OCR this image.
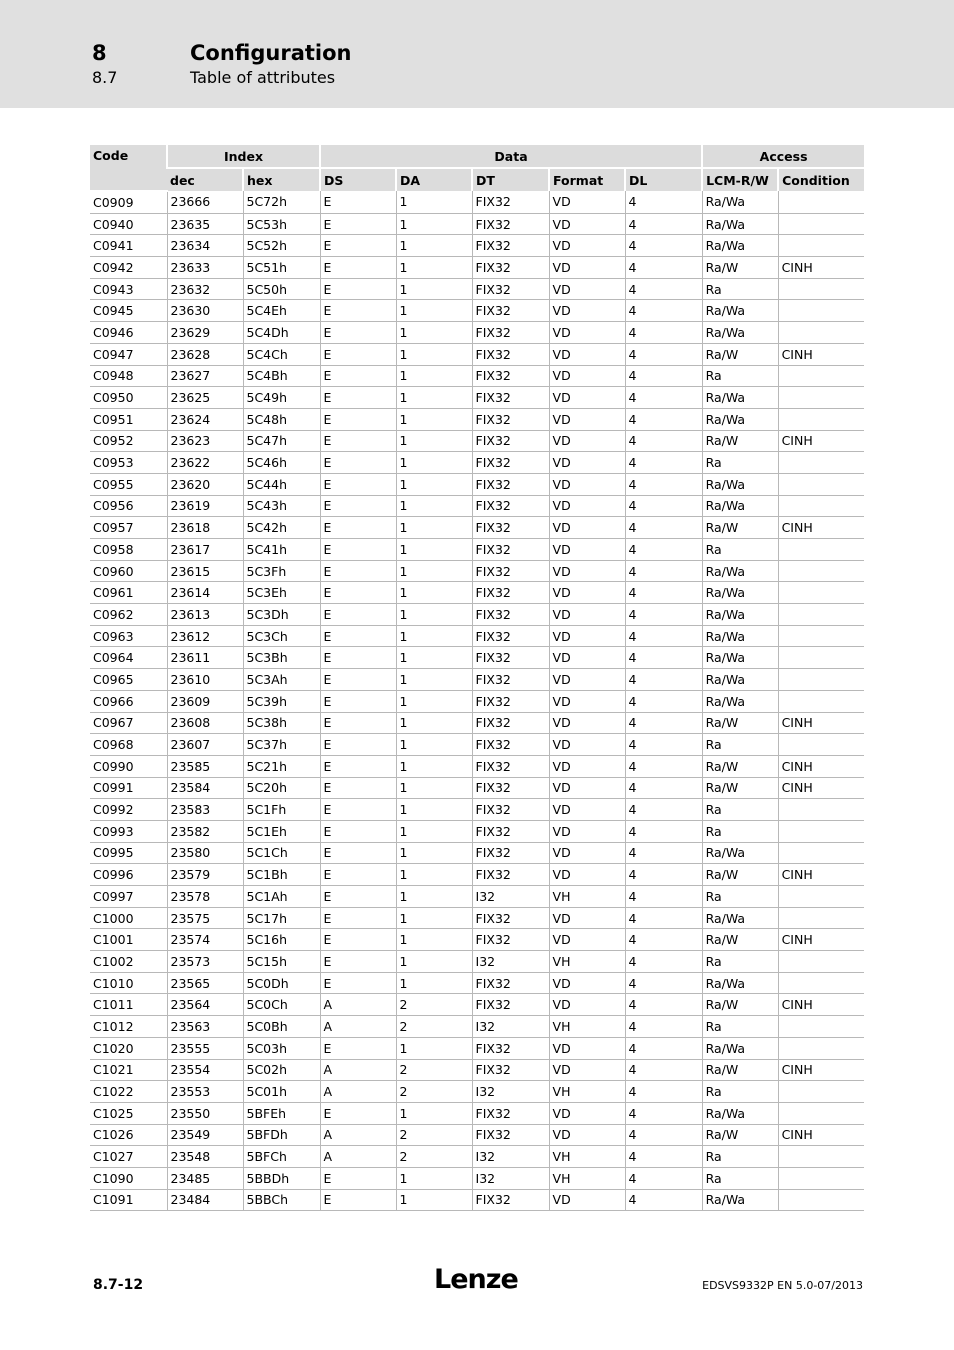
8	Configuration
8.7	Table of attributes
Code	Index		Data					Access	
	dec	hex	DS	DA	DT	Format	DL	LCM-R/W	Condition
C0909	23666	5C72h	E	1	FIX32	VD	4	Ra/Wa	
C0940	23635	5C53h	E	1	FIX32	VD	4	Ra/Wa	
C0941	23634	5C52h	E	1	FIX32	VD	4	Ra/Wa	
C0942	23633	5C51h	E	1	FIX32	VD	4	Ra/W	CINH
C0943	23632	5C50h	E	1	FIX32	VD	4	Ra	
C0945	23630	5C4Eh	E	1	FIX32	VD	4	Ra/Wa	
C0946	23629	5C4Dh	E	1	FIX32	VD	4	Ra/Wa	
C0947	23628	5C4Ch	E	1	FIX32	VD	4	Ra/W	CINH
C0948	23627	5C4Bh	E	1	FIX32	VD	4	Ra	
C0950	23625	5C49h	E	1	FIX32	VD	4	Ra/Wa	
C0951	23624	5C48h	E	1	FIX32	VD	4	Ra/Wa	
C0952	23623	5C47h	E	1	FIX32	VD	4	Ra/W	CINH
C0953	23622	5C46h	E	1	FIX32	VD	4	Ra	
C0955	23620	5C44h	E	1	FIX32	VD	4	Ra/Wa	
C0956	23619	5C43h	E	1	FIX32	VD	4	Ra/Wa	
C0957	23618	5C42h	E	1	FIX32	VD	4	Ra/W	CINH
C0958	23617	5C41h	E	1	FIX32	VD	4	Ra	
C0960	23615	5C3Fh	E	1	FIX32	VD	4	Ra/Wa	
C0961	23614	5C3Eh	E	1	FIX32	VD	4	Ra/Wa	
C0962	23613	5C3Dh	E	1	FIX32	VD	4	Ra/Wa	
C0963	23612	5C3Ch	E	1	FIX32	VD	4	Ra/Wa	
C0964	23611	5C3Bh	E	1	FIX32	VD	4	Ra/Wa	
C0965	23610	5C3Ah	E	1	FIX32	VD	4	Ra/Wa	
C0966	23609	5C39h	E	1	FIX32	VD	4	Ra/Wa	
C0967	23608	5C38h	E	1	FIX32	VD	4	Ra/W	CINH
C0968	23607	5C37h	E	1	FIX32	VD	4	Ra	
C0990	23585	5C21h	E	1	FIX32	VD	4	Ra/W	CINH
C0991	23584	5C20h	E	1	FIX32	VD	4	Ra/W	CINH
C0992	23583	5C1Fh	E	1	FIX32	VD	4	Ra	
C0993	23582	5C1Eh	E	1	FIX32	VD	4	Ra	
C0995	23580	5C1Ch	E	1	FIX32	VD	4	Ra/Wa	
C0996	23579	5C1Bh	E	1	FIX32	VD	4	Ra/W	CINH
C0997	23578	5C1Ah	E	1	I32	VH	4	Ra	
C1000	23575	5C17h	E	1	FIX32	VD	4	Ra/Wa	
C1001	23574	5C16h	E	1	FIX32	VD	4	Ra/W	CINH
C1002	23573	5C15h	E	1	I32	VH	4	Ra	
C1010	23565	5C0Dh	E	1	FIX32	VD	4	Ra/Wa	
C1011	23564	5C0Ch	A	2	FIX32	VD	4	Ra/W	CINH
C1012	23563	5C0Bh	A	2	I32	VH	4	Ra	
C1020	23555	5C03h	E	1	FIX32	VD	4	Ra/Wa	
C1021	23554	5C02h	A	2	FIX32	VD	4	Ra/W	CINH
C1022	23553	5C01h	A	2	I32	VH	4	Ra	
C1025	23550	5BFEh	E	1	FIX32	VD	4	Ra/Wa	
C1026	23549	5BFDh	A	2	FIX32	VD	4	Ra/W	CINH
C1027	23548	5BFCh	A	2	I32	VH	4	Ra	
C1090	23485	5BBDh	E	1	I32	VH	4	Ra	
C1091	23484	5BBCh	E	1	FIX32	VD	4	Ra/Wa	
8.7-12	Lenze	EDSVS9332P EN 5.0-07/2013
